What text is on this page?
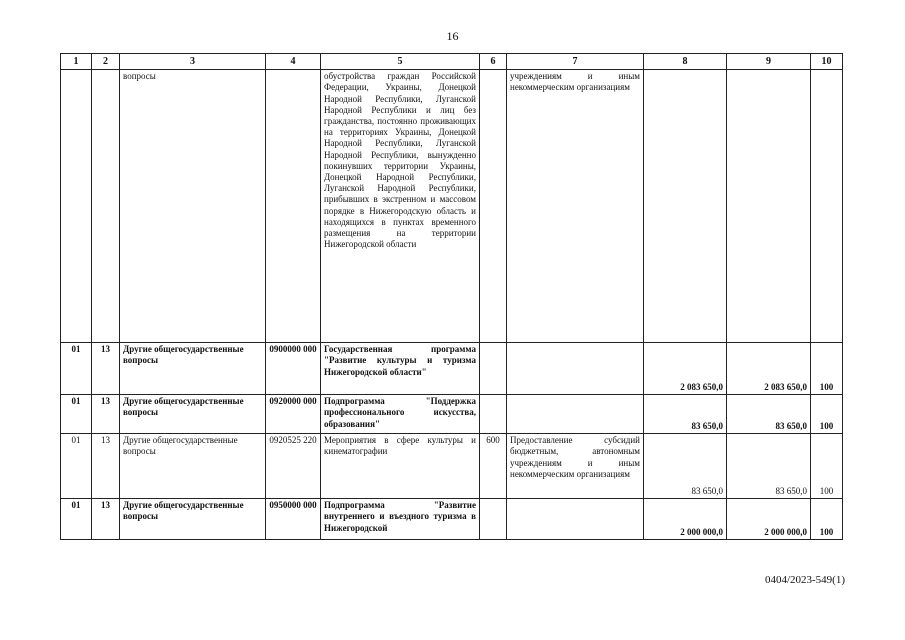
16
1	2	3	4	5	6	7	8	9	10
		вопросы		обустройства граждан Российской Федерации, Украины, Донецкой Народной Республики, Луганской Народной Республики и лиц без гражданства, постоянно проживающих на территориях Украины, Донецкой Народной Республики, Луганской Народной Республики, вынужденно покинувших территории Украины, Донецкой Народной Республики, Луганской Народной Республики, прибывших в экстренном и массовом порядке в Нижегородскую область и находящихся в пунктах временного размещения на территории Нижегородской области		учреждениям и иным некоммерческим организациям			
01	13	Другие общегосударственные вопросы	0900000 000	Государственная программа "Развитие культуры и туризма Нижегородской области"			2 083 650,0	2 083 650,0	100
01	13	Другие общегосударственные вопросы	0920000 000	Подпрограмма "Поддержка профессионального искусства, образования"			83 650,0	83 650,0	100
01	13	Другие общегосударственные вопросы	0920525 220	Мероприятия в сфере культуры и кинематографии	600	Предоставление субсидий бюджетным, автономным учреждениям и иным некоммерческим организациям	83 650,0	83 650,0	100
01	13	Другие общегосударственные вопросы	0950000 000	Подпрограмма "Развитие внутреннего и въездного туризма в Нижегородской			2 000 000,0	2 000 000,0	100
0404/2023-549(1)
